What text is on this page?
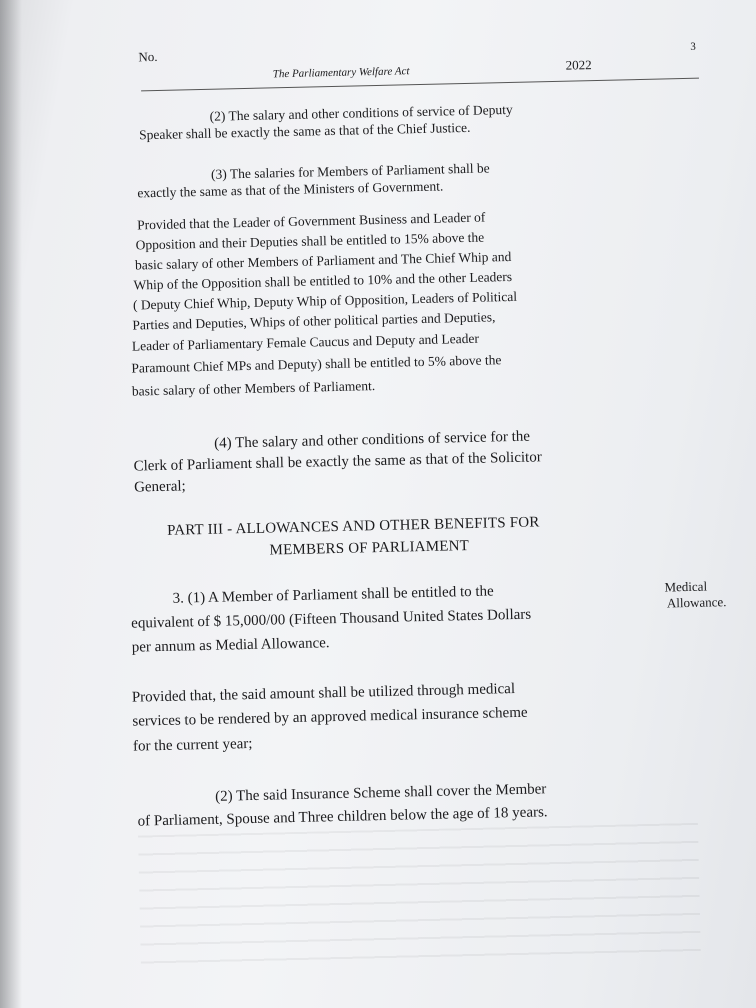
No.
The Parliamentary Welfare Act
2022
3
(2) The salary and other conditions of service of Deputy
Speaker shall be exactly the same as that of the Chief Justice.
(3) The salaries for Members of Parliament shall be
exactly the same as that of the Ministers of Government.
Provided that the Leader of Government Business and Leader of
Opposition and their Deputies shall be entitled to 15% above the
basic salary of other Members of Parliament and The Chief Whip and
Whip of the Opposition shall be entitled to 10% and the other Leaders
( Deputy Chief Whip, Deputy Whip of Opposition, Leaders of Political
Parties and Deputies, Whips of other political parties and Deputies,
Leader of Parliamentary Female Caucus and Deputy and Leader
Paramount Chief MPs and Deputy) shall be entitled to 5% above the
basic salary of other Members of Parliament.
(4) The salary and other conditions of service for the
Clerk of Parliament shall be exactly the same as that of the Solicitor
General;
PART III - ALLOWANCES AND OTHER BENEFITS FOR
MEMBERS OF PARLIAMENT
3. (1) A Member of Parliament shall be entitled to the
equivalent of $ 15,000/00 (Fifteen Thousand United States Dollars
per annum as Medial Allowance.
Medical
Allowance.
Provided that, the said amount shall be utilized through medical
services to be rendered by an approved medical insurance scheme
for the current year;
(2) The said Insurance Scheme shall cover the Member
of Parliament, Spouse and Three children below the age of 18 years.
